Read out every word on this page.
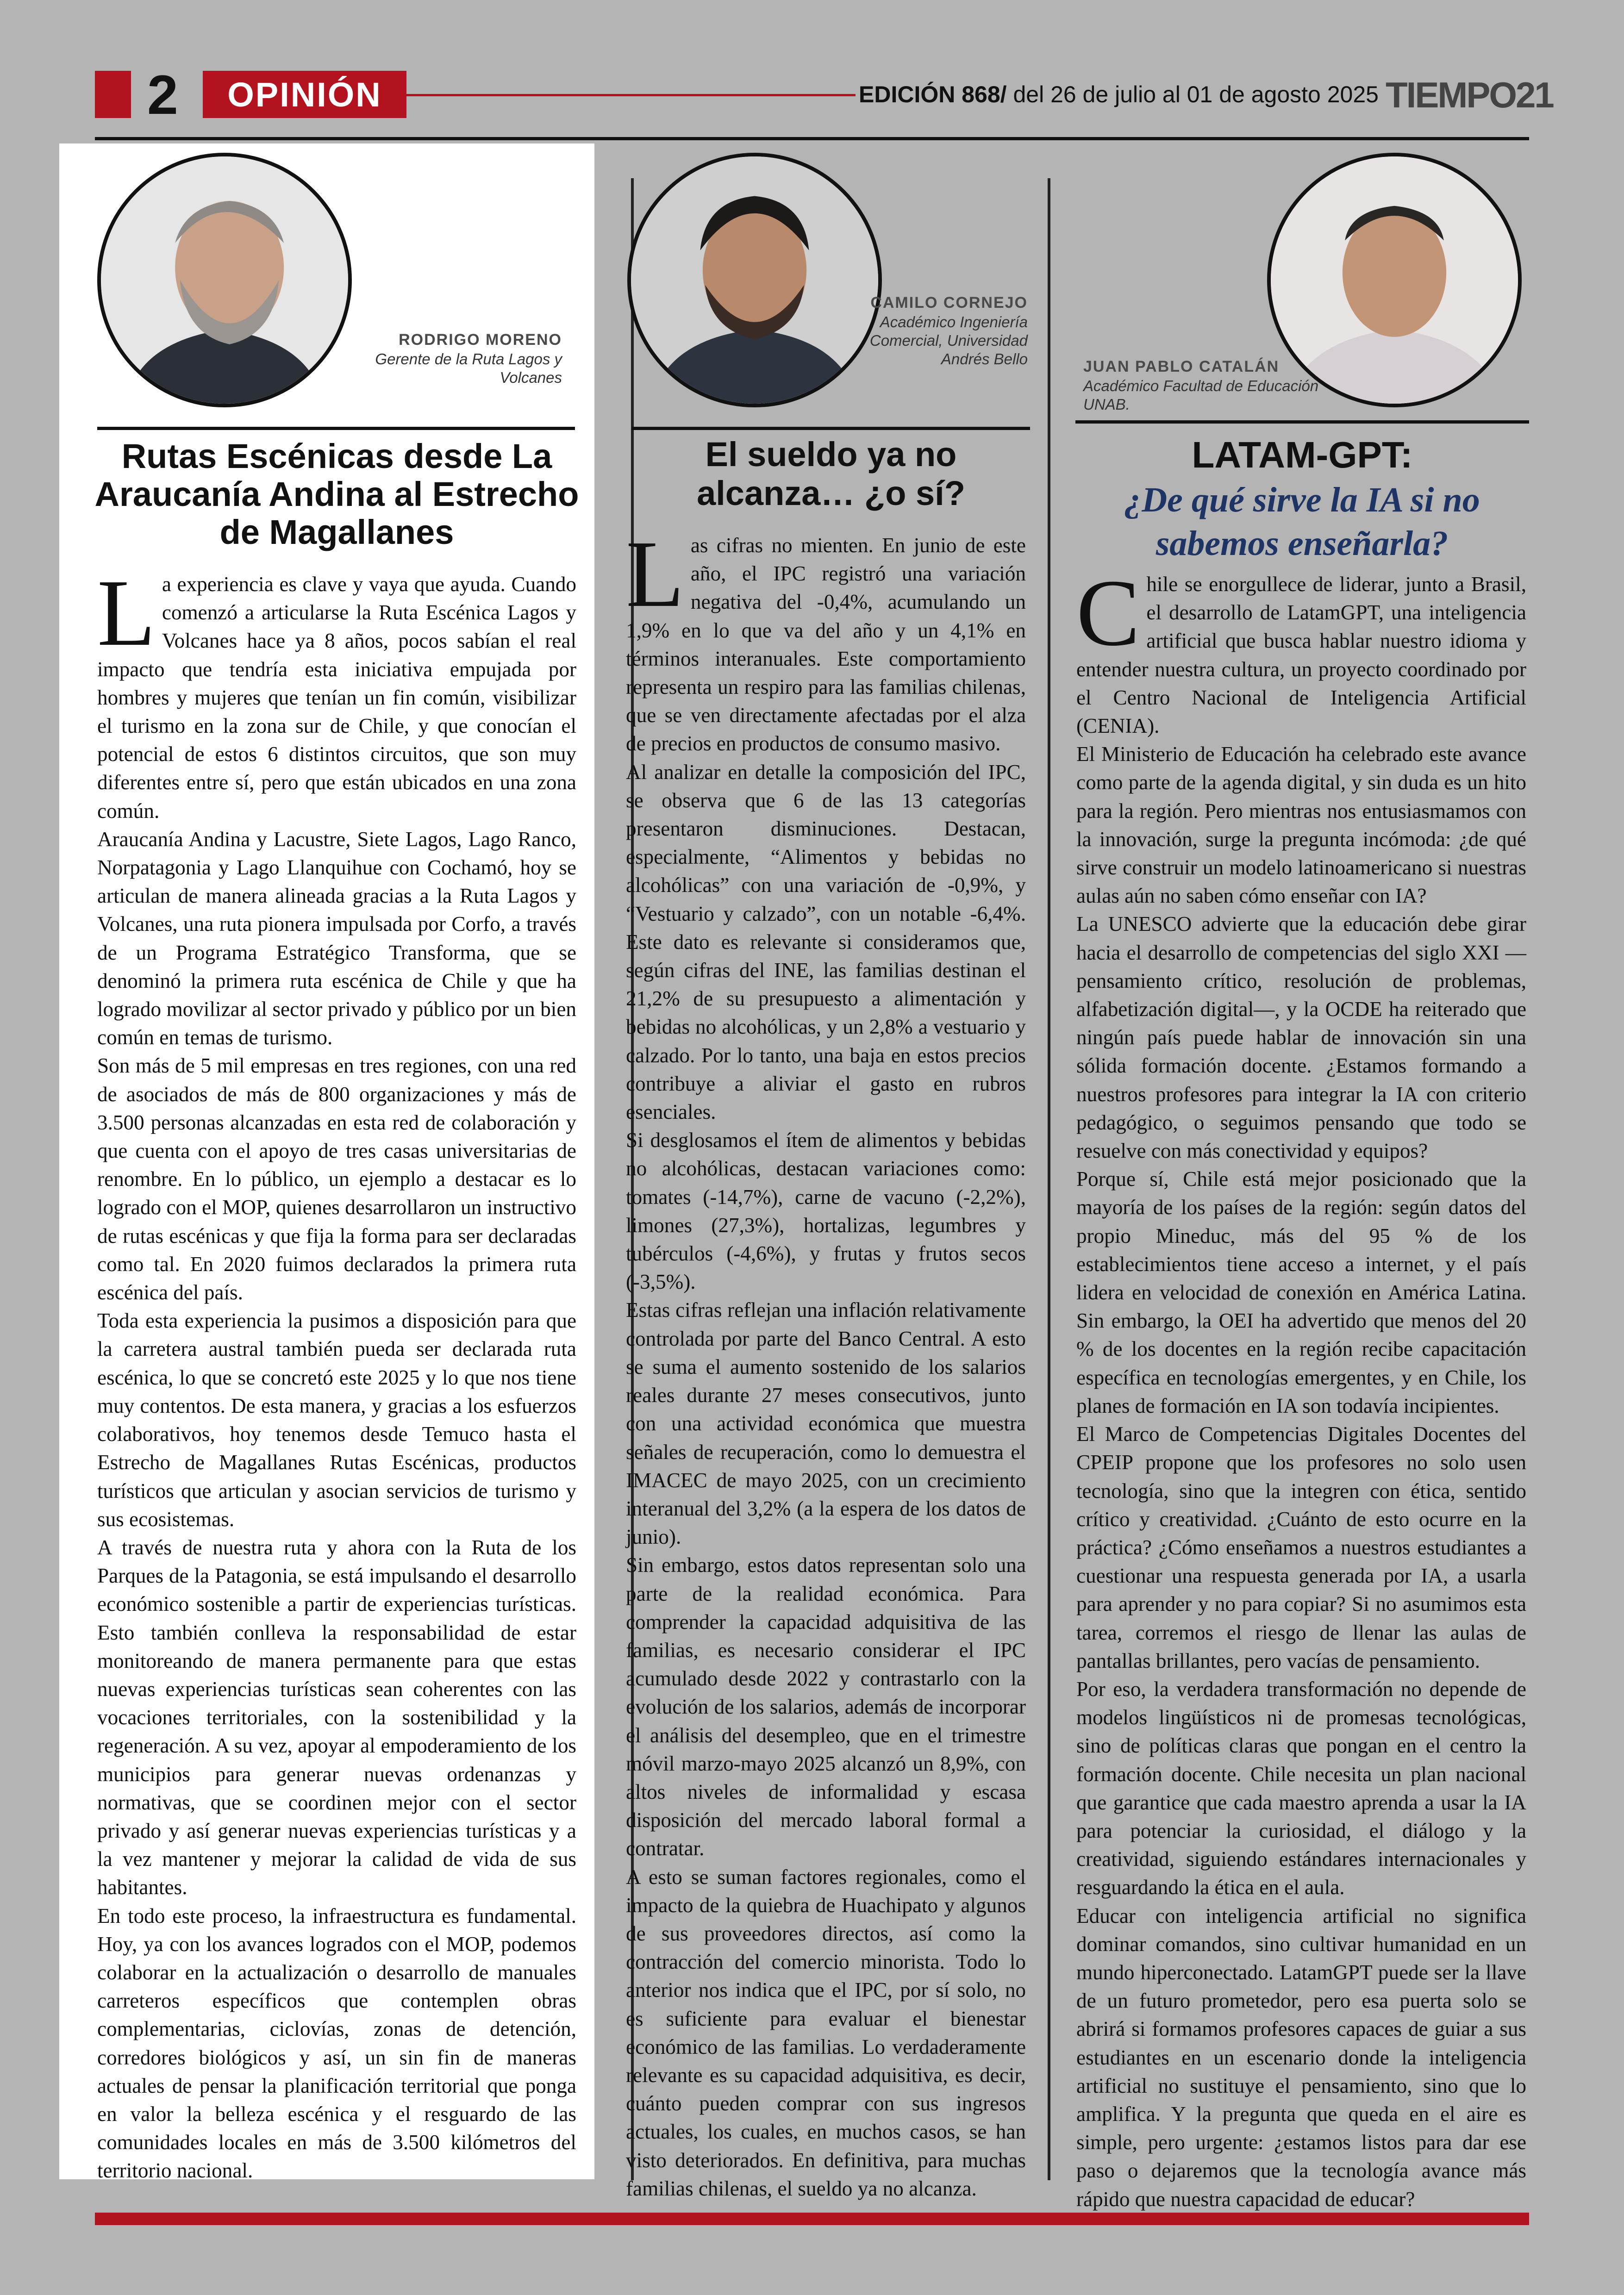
2	OPINIÓN	EDICIÓN 868/ del 26 de julio al 01 de agosto 2025 TIEMPO21
RODRIGO MORENO
Gerente de la Ruta Lagos y Volcanes
Rutas Escénicas desde La Araucanía Andina al Estrecho de Magallanes

La experiencia es clave y vaya que ayuda. Cuando comenzó a articularse la Ruta Escénica Lagos y Volcanes hace ya 8 años, pocos sabían el real impacto que tendría esta iniciativa empujada por hombres y mujeres que tenían un fin común, visibilizar el turismo en la zona sur de Chile, y que conocían el potencial de estos 6 distintos circuitos, que son muy diferentes entre sí, pero que están ubicados en una zona común.

Araucanía Andina y Lacustre, Siete Lagos, Lago Ranco, Norpatagonia y Lago Llanquihue con Cochamó, hoy se articulan de manera alineada gracias a la Ruta Lagos y Volcanes, una ruta pionera impulsada por Corfo, a través de un Programa Estratégico Transforma, que se denominó la primera ruta escénica de Chile y que ha logrado movilizar al sector privado y público por un bien común en temas de turismo.

Son más de 5 mil empresas en tres regiones, con una red de asociados de más de 800 organizaciones y más de 3.500 personas alcanzadas en esta red de colaboración y que cuenta con el apoyo de tres casas universitarias de renombre. En lo público, un ejemplo a destacar es lo logrado con el MOP, quienes desarrollaron un instructivo de rutas escénicas y que fija la forma para ser declaradas como tal. En 2020 fuimos declarados la primera ruta escénica del país.

Toda esta experiencia la pusimos a disposición para que la carretera austral también pueda ser declarada ruta escénica, lo que se concretó este 2025 y lo que nos tiene muy contentos. De esta manera, y gracias a los esfuerzos colaborativos, hoy tenemos desde Temuco hasta el Estrecho de Magallanes Rutas Escénicas, productos turísticos que articulan y asocian servicios de turismo y sus ecosistemas.

A través de nuestra ruta y ahora con la Ruta de los Parques de la Patagonia, se está impulsando el desarrollo económico sostenible a partir de experiencias turísticas. Esto también conlleva la responsabilidad de estar monitoreando de manera permanente para que estas nuevas experiencias turísticas sean coherentes con las vocaciones territoriales, con la sostenibilidad y la regeneración. A su vez, apoyar al empoderamiento de los municipios para generar nuevas ordenanzas y normativas, que se coordinen mejor con el sector privado y así generar nuevas experiencias turísticas y a la vez mantener y mejorar la calidad de vida de sus habitantes.

En todo este proceso, la infraestructura es fundamental. Hoy, ya con los avances logrados con el MOP, podemos colaborar en la actualización o desarrollo de manuales carreteros específicos que contemplen obras complementarias, ciclovías, zonas de detención, corredores biológicos y así, un sin fin de maneras actuales de pensar la planificación territorial que ponga en valor la belleza escénica y el resguardo de las comunidades locales en más de 3.500 kilómetros del territorio nacional.

CAMILO CORNEJO
Académico Ingeniería Comercial, Universidad Andrés Bello
El sueldo ya no alcanza… ¿o sí?

Las cifras no mienten. En junio de este año, el IPC registró una variación negativa del -0,4%, acumulando un 1,9% en lo que va del año y un 4,1% en términos interanuales. Este comportamiento representa un respiro para las familias chilenas, que se ven directamente afectadas por el alza de precios en productos de consumo masivo.

Al analizar en detalle la composición del IPC, se observa que 6 de las 13 categorías presentaron disminuciones. Destacan, especialmente, “Alimentos y bebidas no alcohólicas” con una variación de -0,9%, y “Vestuario y calzado”, con un notable -6,4%. Este dato es relevante si consideramos que, según cifras del INE, las familias destinan el 21,2% de su presupuesto a alimentación y bebidas no alcohólicas, y un 2,8% a vestuario y calzado. Por lo tanto, una baja en estos precios contribuye a aliviar el gasto en rubros esenciales.

Si desglosamos el ítem de alimentos y bebidas no alcohólicas, destacan variaciones como: tomates (-14,7%), carne de vacuno (-2,2%), limones (27,3%), hortalizas, legumbres y tubérculos (-4,6%), y frutas y frutos secos (-3,5%).

Estas cifras reflejan una inflación relativamente controlada por parte del Banco Central. A esto se suma el aumento sostenido de los salarios reales durante 27 meses consecutivos, junto con una actividad económica que muestra señales de recuperación, como lo demuestra el IMACEC de mayo 2025, con un crecimiento interanual del 3,2% (a la espera de los datos de junio).

Sin embargo, estos datos representan solo una parte de la realidad económica. Para comprender la capacidad adquisitiva de las familias, es necesario considerar el IPC acumulado desde 2022 y contrastarlo con la evolución de los salarios, además de incorporar el análisis del desempleo, que en el trimestre móvil marzo-mayo 2025 alcanzó un 8,9%, con altos niveles de informalidad y escasa disposición del mercado laboral formal a contratar.

A esto se suman factores regionales, como el impacto de la quiebra de Huachipato y algunos de sus proveedores directos, así como la contracción del comercio minorista. Todo lo anterior nos indica que el IPC, por sí solo, no es suficiente para evaluar el bienestar económico de las familias. Lo verdaderamente relevante es su capacidad adquisitiva, es decir, cuánto pueden comprar con sus ingresos actuales, los cuales, en muchos casos, se han visto deteriorados. En definitiva, para muchas familias chilenas, el sueldo ya no alcanza.

JUAN PABLO CATALÁN
Académico Facultad de Educación UNAB.
LATAM-GPT:
¿De qué sirve la IA si no sabemos enseñarla?

Chile se enorgullece de liderar, junto a Brasil, el desarrollo de LatamGPT, una inteligencia artificial que busca hablar nuestro idioma y entender nuestra cultura, un proyecto coordinado por el Centro Nacional de Inteligencia Artificial (CENIA).

El Ministerio de Educación ha celebrado este avance como parte de la agenda digital, y sin duda es un hito para la región. Pero mientras nos entusiasmamos con la innovación, surge la pregunta incómoda: ¿de qué sirve construir un modelo latinoamericano si nuestras aulas aún no saben cómo enseñar con IA?

La UNESCO advierte que la educación debe girar hacia el desarrollo de competencias del siglo XXI —pensamiento crítico, resolución de problemas, alfabetización digital—, y la OCDE ha reiterado que ningún país puede hablar de innovación sin una sólida formación docente. ¿Estamos formando a nuestros profesores para integrar la IA con criterio pedagógico, o seguimos pensando que todo se resuelve con más conectividad y equipos?

Porque sí, Chile está mejor posicionado que la mayoría de los países de la región: según datos del propio Mineduc, más del 95 % de los establecimientos tiene acceso a internet, y el país lidera en velocidad de conexión en América Latina. Sin embargo, la OEI ha advertido que menos del 20 % de los docentes en la región recibe capacitación específica en tecnologías emergentes, y en Chile, los planes de formación en IA son todavía incipientes.

El Marco de Competencias Digitales Docentes del CPEIP propone que los profesores no solo usen tecnología, sino que la integren con ética, sentido crítico y creatividad. ¿Cuánto de esto ocurre en la práctica? ¿Cómo enseñamos a nuestros estudiantes a cuestionar una respuesta generada por IA, a usarla para aprender y no para copiar? Si no asumimos esta tarea, corremos el riesgo de llenar las aulas de pantallas brillantes, pero vacías de pensamiento.

Por eso, la verdadera transformación no depende de modelos lingüísticos ni de promesas tecnológicas, sino de políticas claras que pongan en el centro la formación docente. Chile necesita un plan nacional que garantice que cada maestro aprenda a usar la IA para potenciar la curiosidad, el diálogo y la creatividad, siguiendo estándares internacionales y resguardando la ética en el aula.

Educar con inteligencia artificial no significa dominar comandos, sino cultivar humanidad en un mundo hiperconectado. LatamGPT puede ser la llave de un futuro prometedor, pero esa puerta solo se abrirá si formamos profesores capaces de guiar a sus estudiantes en un escenario donde la inteligencia artificial no sustituye el pensamiento, sino que lo amplifica. Y la pregunta que queda en el aire es simple, pero urgente: ¿estamos listos para dar ese paso o dejaremos que la tecnología avance más rápido que nuestra capacidad de educar?
